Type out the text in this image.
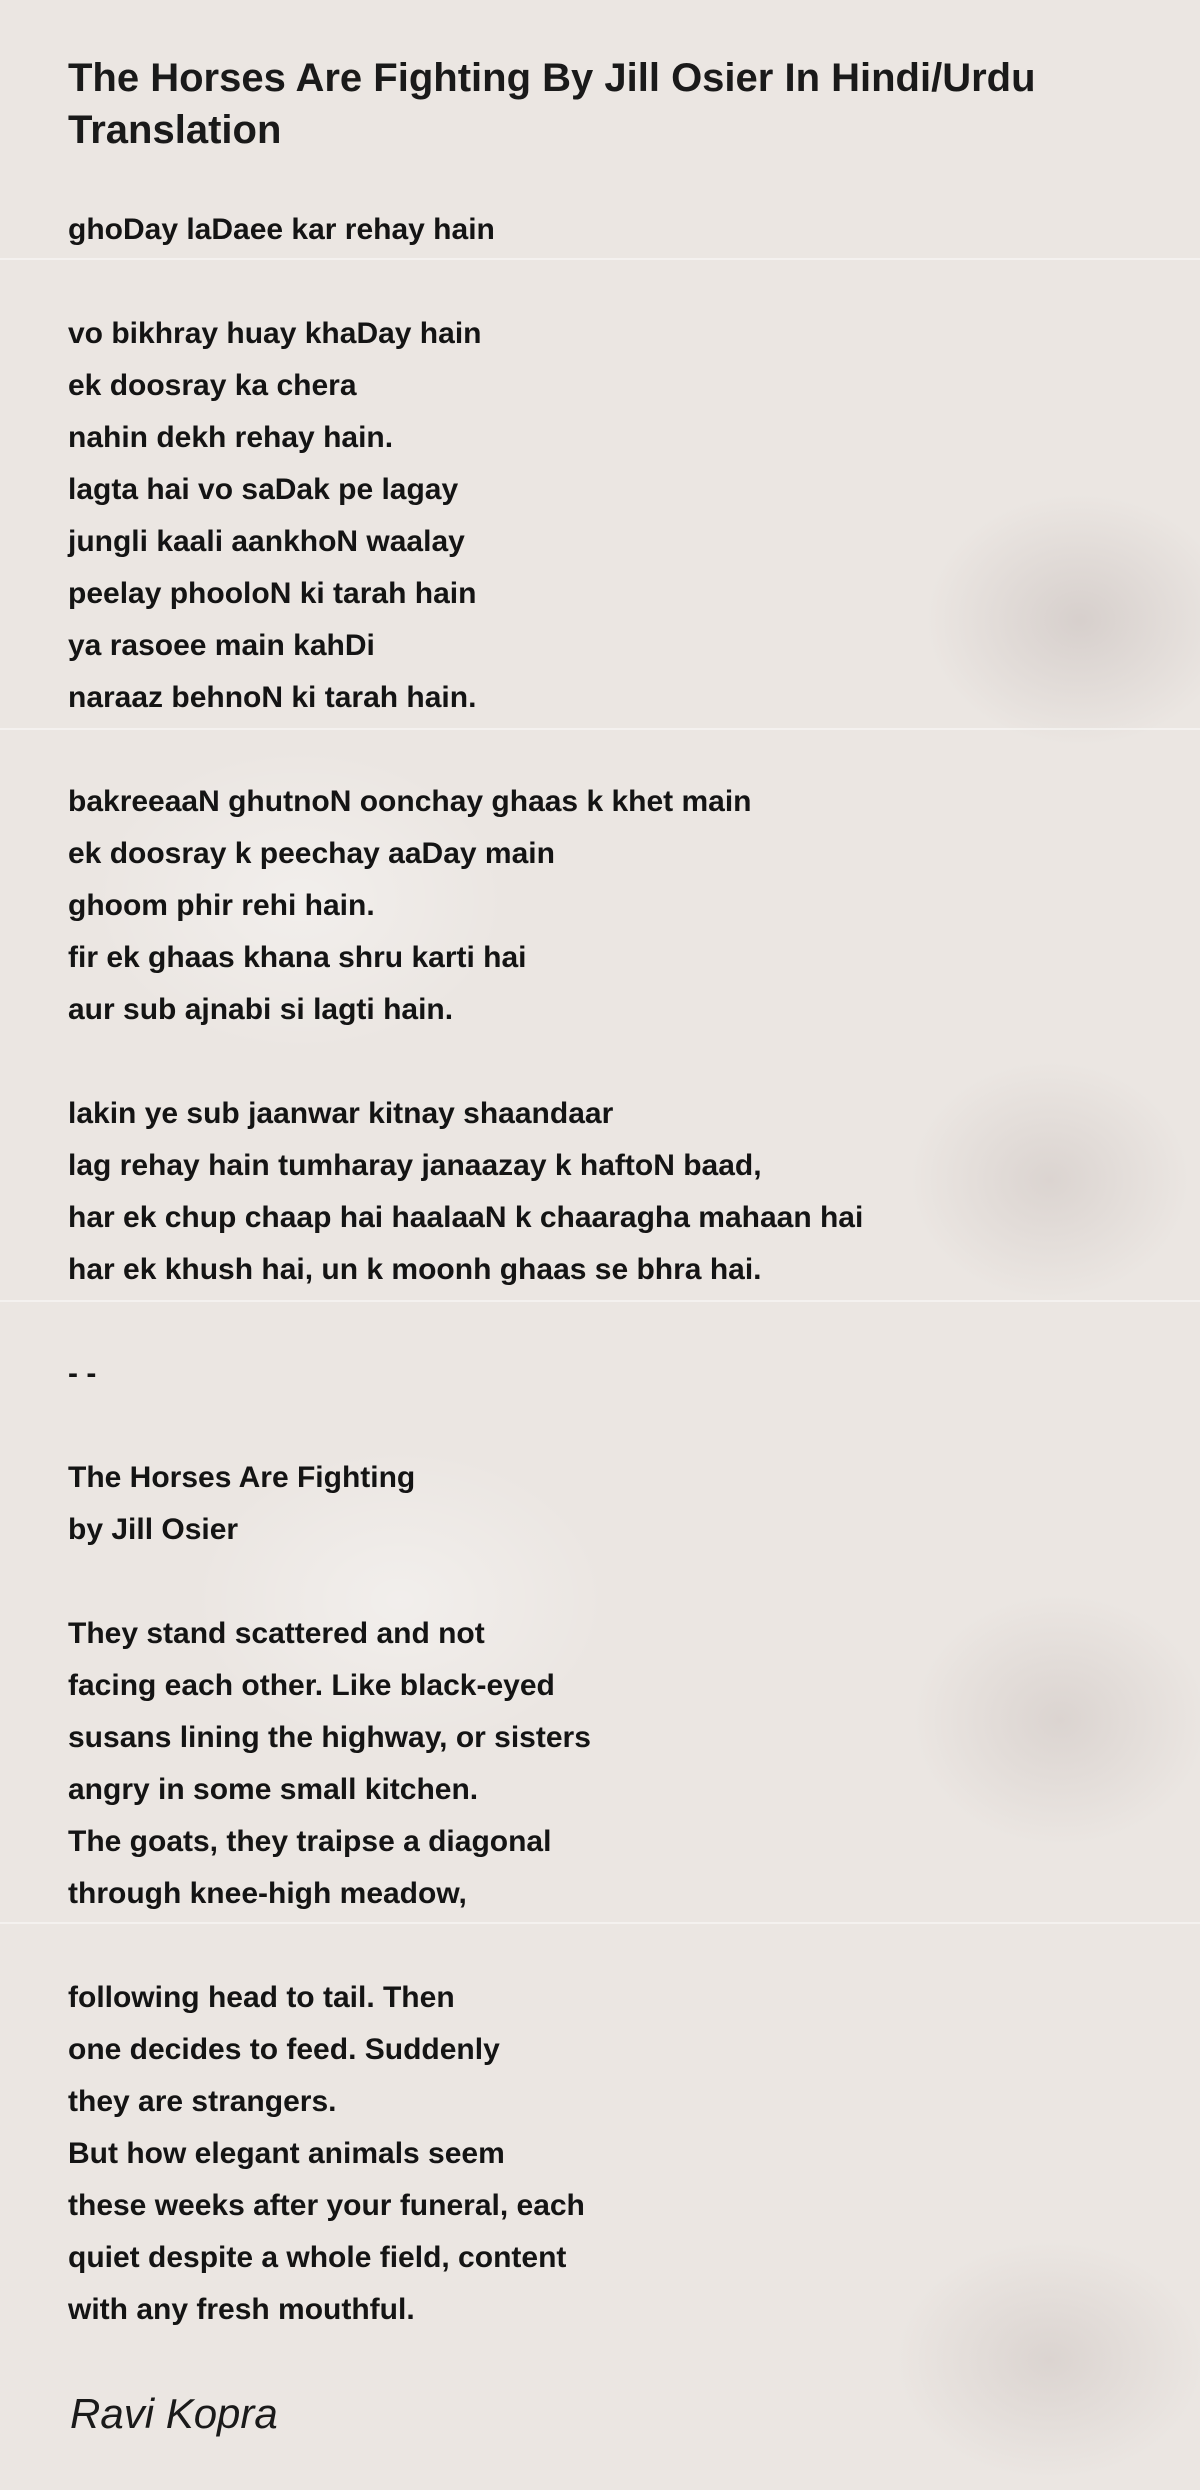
The Horses Are Fighting By Jill Osier In Hindi/Urdu Translation
ghoDay laDaee kar rehay hain
vo bikhray huay khaDay hain
ek doosray ka chera
nahin dekh rehay hain.
lagta hai vo saDak pe lagay
jungli kaali aankhoN waalay
peelay phooloN ki tarah hain
ya rasoee main kahDi
naraaz behnoN ki tarah hain.
bakreeaaN ghutnoN oonchay ghaas k khet main
ek doosray k peechay aaDay main
ghoom phir rehi hain.
fir ek ghaas khana shru karti hai
aur sub ajnabi si lagti hain.
lakin ye sub jaanwar kitnay shaandaar
lag rehay hain tumharay janaazay k haftoN baad,
har ek chup chaap hai haalaaN k chaaragha mahaan hai
har ek khush hai, un k moonh ghaas se bhra hai.
- -
The Horses Are Fighting
by Jill Osier
They stand scattered and not
facing each other. Like black-eyed
susans lining the highway, or sisters
angry in some small kitchen.
The goats, they traipse a diagonal
through knee-high meadow,
following head to tail. Then
one decides to feed. Suddenly
they are strangers.
But how elegant animals seem
these weeks after your funeral, each
quiet despite a whole field, content
with any fresh mouthful.
Ravi Kopra
